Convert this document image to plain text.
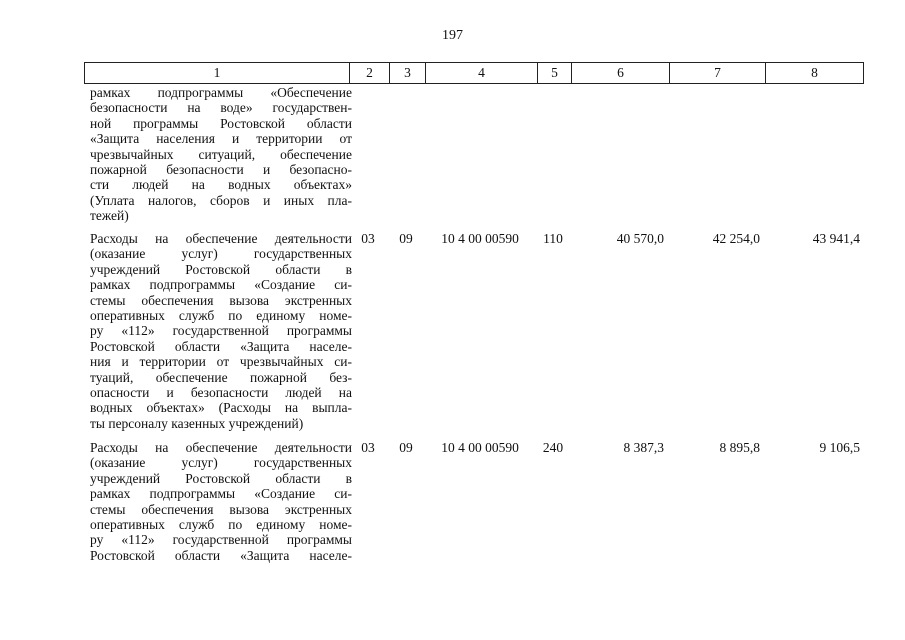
197
1	2	3	4	5	6	7	8
рамках подпрограммы «Обеспечение
безопасности на воде» государствен-
ной программы Ростовской области
«Защита населения и территории от
чрезвычайных ситуаций, обеспечение
пожарной безопасности и безопасно-
сти людей на водных объектах»
(Уплата налогов, сборов и иных пла-
тежей)
Расходы на обеспечение деятельности
(оказание услуг) государственных
учреждений Ростовской области в
рамках подпрограммы «Создание си-
стемы обеспечения вызова экстренных
оперативных служб по единому номе-
ру «112» государственной программы
Ростовской области «Защита населе-
ния и территории от чрезвычайных си-
туаций, обеспечение пожарной без-
опасности и безопасности людей на
водных объектах» (Расходы на выпла-
ты персоналу казенных учреждений)
03	09	10 4 00 00590	110	40 570,0	42 254,0	43 941,4
Расходы на обеспечение деятельности
(оказание услуг) государственных
учреждений Ростовской области в
рамках подпрограммы «Создание си-
стемы обеспечения вызова экстренных
оперативных служб по единому номе-
ру «112» государственной программы
Ростовской области «Защита населе-
03	09	10 4 00 00590	240	8 387,3	8 895,8	9 106,5
